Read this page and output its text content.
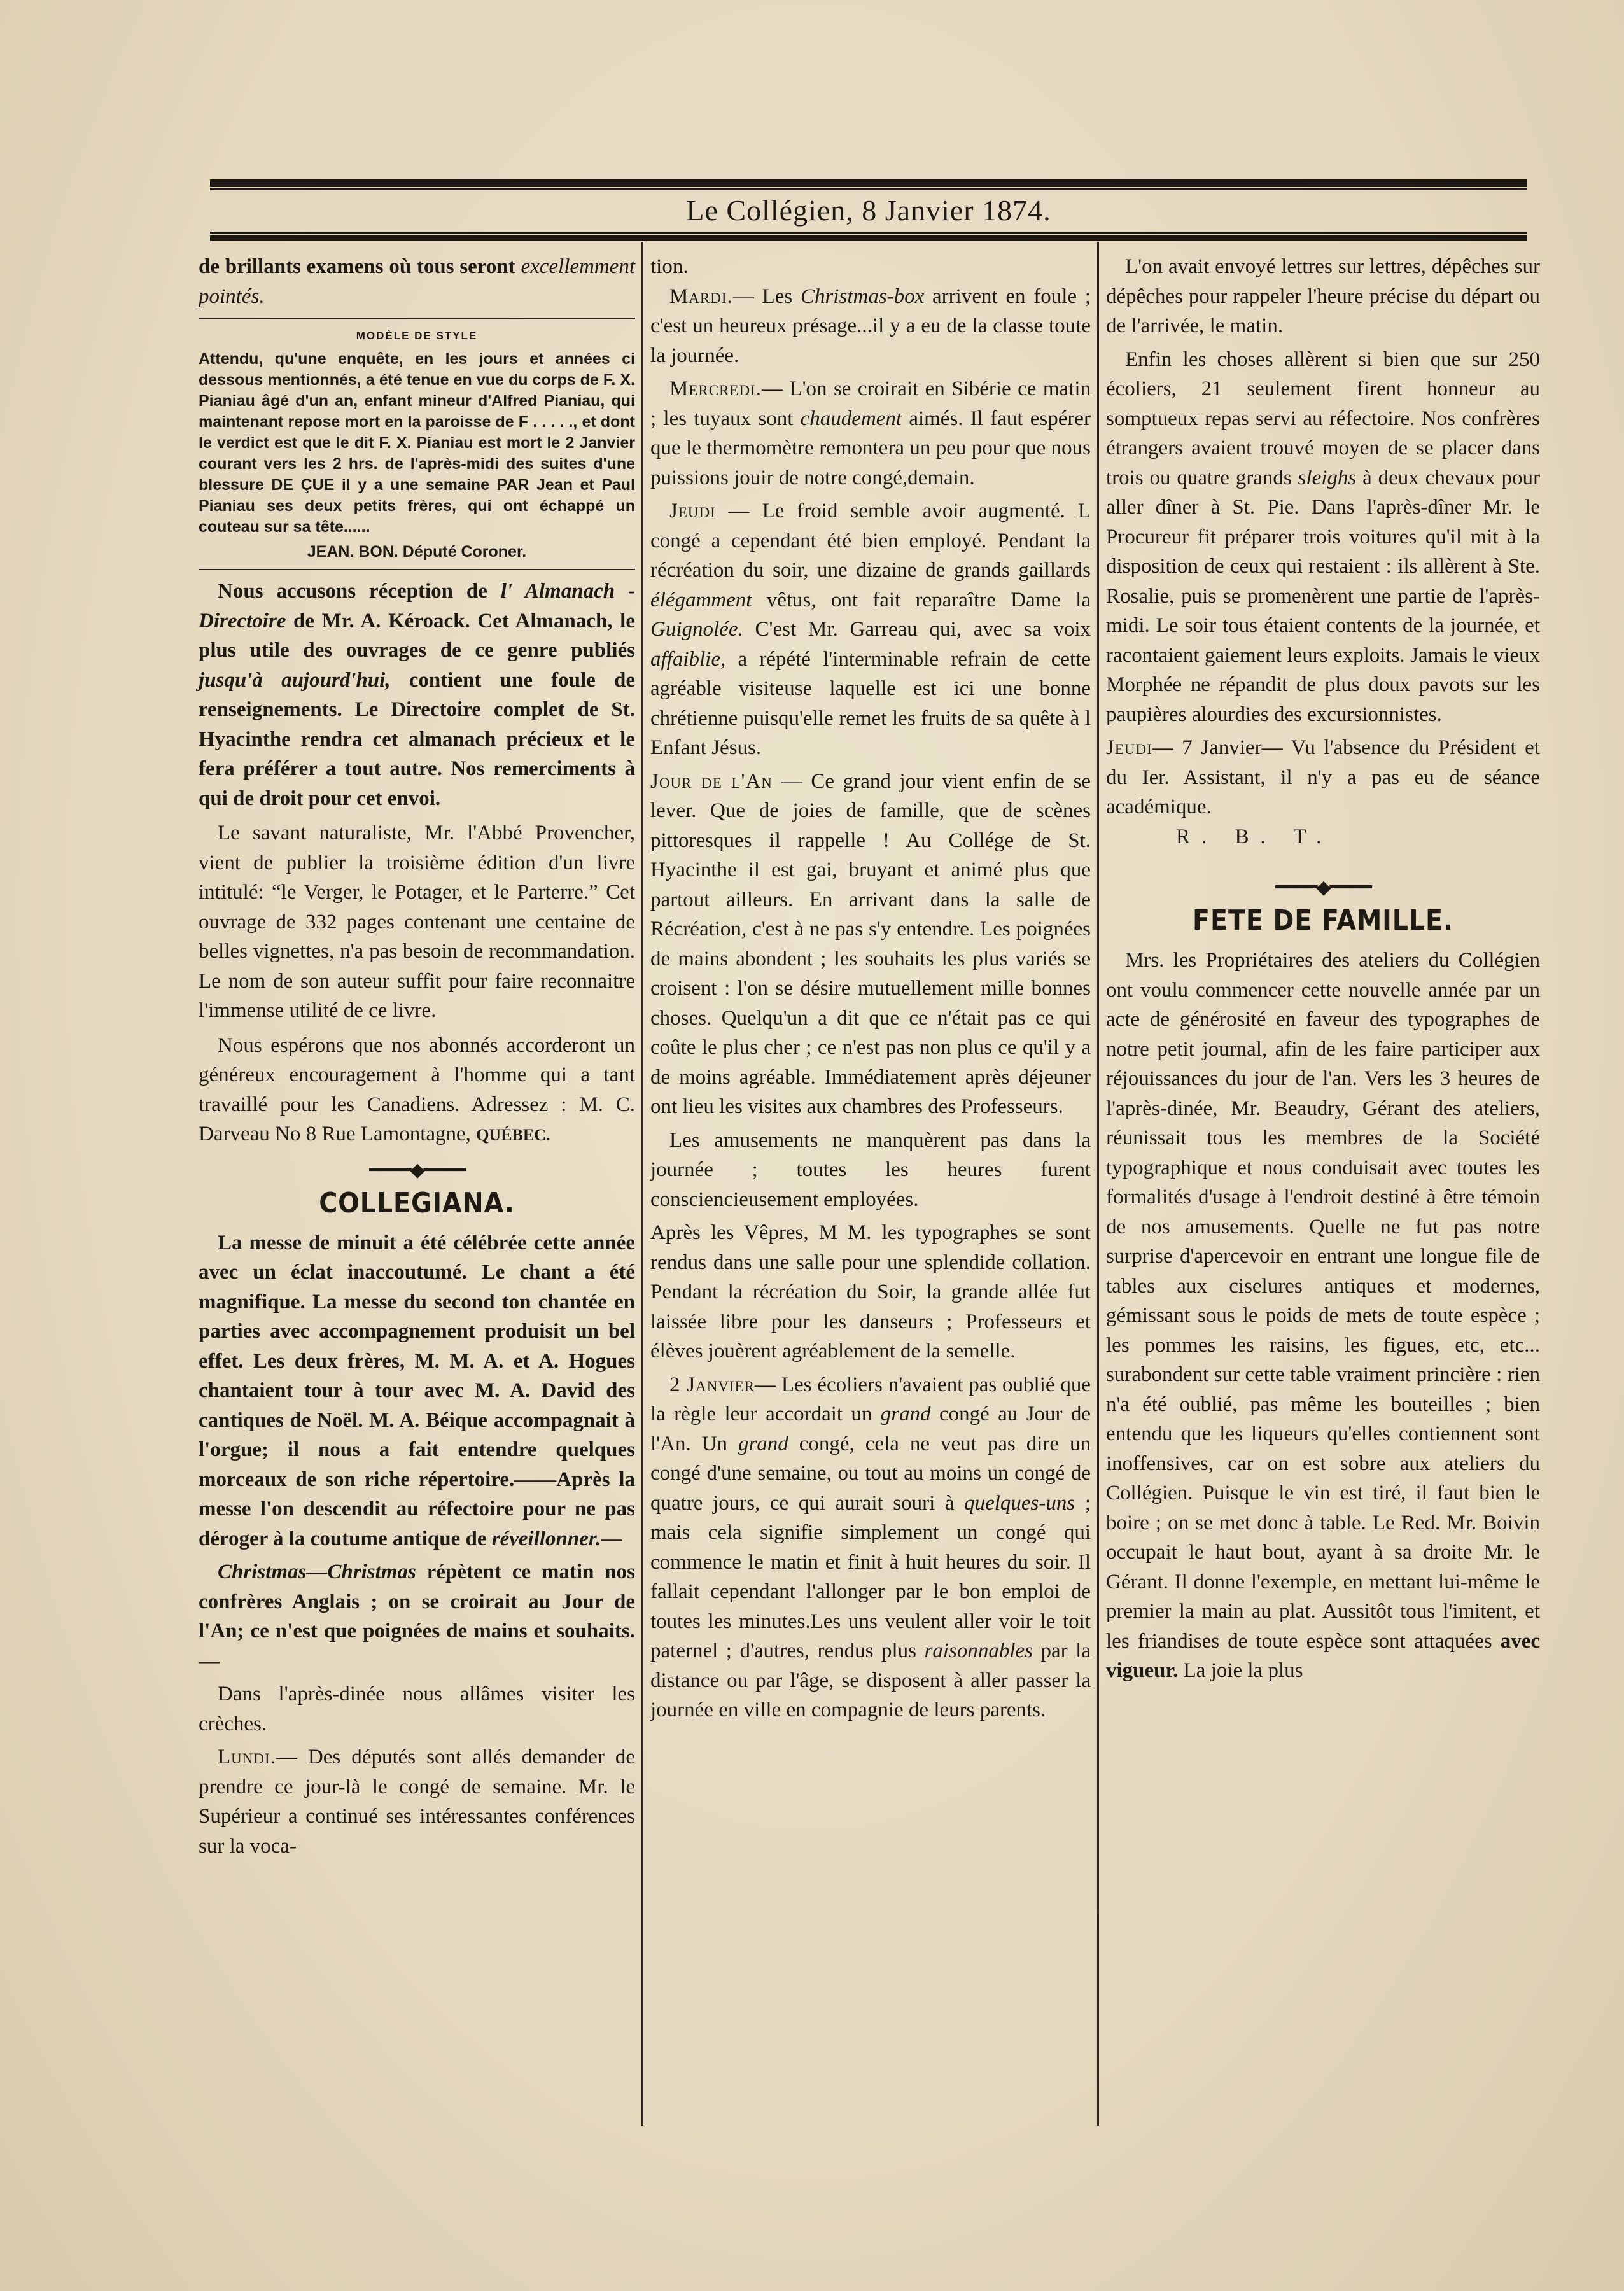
Le Collégien, 8 Janvier 1874.

de brillants examens où tous seront excellemment pointés.

MODÈLE DE STYLE
Attendu, qu'une enquête, en les jours et années ci dessous mentionnés, a été tenue en vue du corps de F. X. Pianiau âgé d'un an, enfant mineur d'Alfred Pianiau, qui maintenant repose mort en la paroisse de F . . . . ., et dont le verdict est que le dit F. X. Pianiau est mort le 2 Janvier courant vers les 2 hrs. de l'après-midi des suites d'une blessure DE ÇUE il y a une semaine PAR Jean et Paul Pianiau ses deux petits frères, qui ont échappé un couteau sur sa tête......
JEAN. BON. Député Coroner.

Nous accusons réception de l' Almanach - Directoire de Mr. A. Kéroack. Cet Almanach, le plus utile des ouvrages de ce genre publiés jusqu'à aujourd'hui, contient une foule de renseignements. Le Directoire complet de St. Hyacinthe rendra cet almanach précieux et le fera préférer a tout autre. Nos remerciments à qui de droit pour cet envoi.

Le savant naturaliste, Mr. l'Abbé Provencher, vient de publier la troisième édition d'un livre intitulé: “le Verger, le Potager, et le Parterre.” Cet ouvrage de 332 pages contenant une centaine de belles vignettes, n'a pas besoin de recommandation. Le nom de son auteur suffit pour faire reconnaitre l'immense utilité de ce livre.

Nous espérons que nos abonnés accorderont un généreux encouragement à l'homme qui a tant travaillé pour les Canadiens. Adressez : M. C. Darveau No 8 Rue Lamontagne, QUÉBEC.

━━━━◆━━━━
COLLEGIANA.

La messe de minuit a été célébrée cette année avec un éclat inaccoutumé. Le chant a été magnifique. La messe du second ton chantée en parties avec accompagnement produisit un bel effet. Les deux frères, M. M. A. et A. Hogues chantaient tour à tour avec M. A. David des cantiques de Noël. M. A. Béique accompagnait à l'orgue; il nous a fait entendre quelques morceaux de son riche répertoire.——Après la messe l'on descendit au réfectoire pour ne pas déroger à la coutume antique de réveillonner.—

Christmas—Christmas répètent ce matin nos confrères Anglais ; on se croirait au Jour de l'An; ce n'est que poignées de mains et souhaits.—

Dans l'après-dinée nous allâmes visiter les crèches.

Lundi.— Des députés sont allés demander de prendre ce jour-là le congé de semaine. Mr. le Supérieur a continué ses intéressantes conférences sur la voca-

tion.

Mardi.— Les Christmas-box arrivent en foule ; c'est un heureux présage...il y a eu de la classe toute la journée.

Mercredi.— L'on se croirait en Sibérie ce matin ; les tuyaux sont chaudement aimés. Il faut espérer que le thermomètre remontera un peu pour que nous puissions jouir de notre congé,demain.

Jeudi — Le froid semble avoir augmenté. L congé a cependant été bien employé. Pendant la récréation du soir, une dizaine de grands gaillards élégamment vêtus, ont fait reparaître Dame la Guignolée. C'est Mr. Garreau qui, avec sa voix affaiblie, a répété l'interminable refrain de cette agréable visiteuse laquelle est ici une bonne chrétienne puisqu'elle remet les fruits de sa quête à l Enfant Jésus.

Jour de l'An — Ce grand jour vient enfin de se lever. Que de joies de famille, que de scènes pittoresques il rappelle ! Au Collége de St. Hyacinthe il est gai, bruyant et animé plus que partout ailleurs. En arrivant dans la salle de Récréation, c'est à ne pas s'y entendre. Les poignées de mains abondent ; les souhaits les plus variés se croisent : l'on se désire mutuellement mille bonnes choses. Quelqu'un a dit que ce n'était pas ce qui coûte le plus cher ; ce n'est pas non plus ce qu'il y a de moins agréable. Immédiatement après déjeuner ont lieu les visites aux chambres des Professeurs.

Les amusements ne manquèrent pas dans la journée ; toutes les heures furent consciencieusement employées.

Après les Vêpres, M M. les typographes se sont rendus dans une salle pour une splendide collation. Pendant la récréation du Soir, la grande allée fut laissée libre pour les danseurs ; Professeurs et élèves jouèrent agréablement de la semelle.

2 Janvier— Les écoliers n'avaient pas oublié que la règle leur accordait un grand congé au Jour de l'An. Un grand congé, cela ne veut pas dire un congé d'une semaine, ou tout au moins un congé de quatre jours, ce qui aurait souri à quelques-uns ; mais cela signifie simplement un congé qui commence le matin et finit à huit heures du soir. Il fallait cependant l'allonger par le bon emploi de toutes les minutes.Les uns veulent aller voir le toit paternel ; d'autres, rendus plus raisonnables par la distance ou par l'âge, se disposent à aller passer la journée en ville en compagnie de leurs parents.

L'on avait envoyé lettres sur lettres, dépêches sur dépêches pour rappeler l'heure précise du départ ou de l'arrivée, le matin.

Enfin les choses allèrent si bien que sur 250 écoliers, 21 seulement firent honneur au somptueux repas servi au réfectoire. Nos confrères étrangers avaient trouvé moyen de se placer dans trois ou quatre grands sleighs à deux chevaux pour aller dîner à St. Pie. Dans l'après-dîner Mr. le Procureur fit préparer trois voitures qu'il mit à la disposition de ceux qui restaient : ils allèrent à Ste. Rosalie, puis se promenèrent une partie de l'après-midi. Le soir tous étaient contents de la journée, et racontaient gaiement leurs exploits. Jamais le vieux Morphée ne répandit de plus doux pavots sur les paupières alourdies des excursionnistes.

Jeudi— 7 Janvier— Vu l'absence du Président et du Ier. Assistant, il n'y a pas eu de séance académique.

R. B. T.

━━━━◆━━━━
FETE DE FAMILLE.

Mrs. les Propriétaires des ateliers du Collégien ont voulu commencer cette nouvelle année par un acte de générosité en faveur des typographes de notre petit journal, afin de les faire participer aux réjouissances du jour de l'an. Vers les 3 heures de l'après-dinée, Mr. Beaudry, Gérant des ateliers, réunissait tous les membres de la Société typographique et nous conduisait avec toutes les formalités d'usage à l'endroit destiné à être témoin de nos amusements. Quelle ne fut pas notre surprise d'apercevoir en entrant une longue file de tables aux ciselures antiques et modernes, gémissant sous le poids de mets de toute espèce ; les pommes les raisins, les figues, etc, etc... surabondent sur cette table vraiment princière : rien n'a été oublié, pas même les bouteilles ; bien entendu que les liqueurs qu'elles contiennent sont inoffensives, car on est sobre aux ateliers du Collégien. Puisque le vin est tiré, il faut bien le boire ; on se met donc à table. Le Red. Mr. Boivin occupait le haut bout, ayant à sa droite Mr. le Gérant. Il donne l'exemple, en mettant lui-même le premier la main au plat. Aussitôt tous l'imitent, et les friandises de toute espèce sont attaquées avec vigueur. La joie la plus
